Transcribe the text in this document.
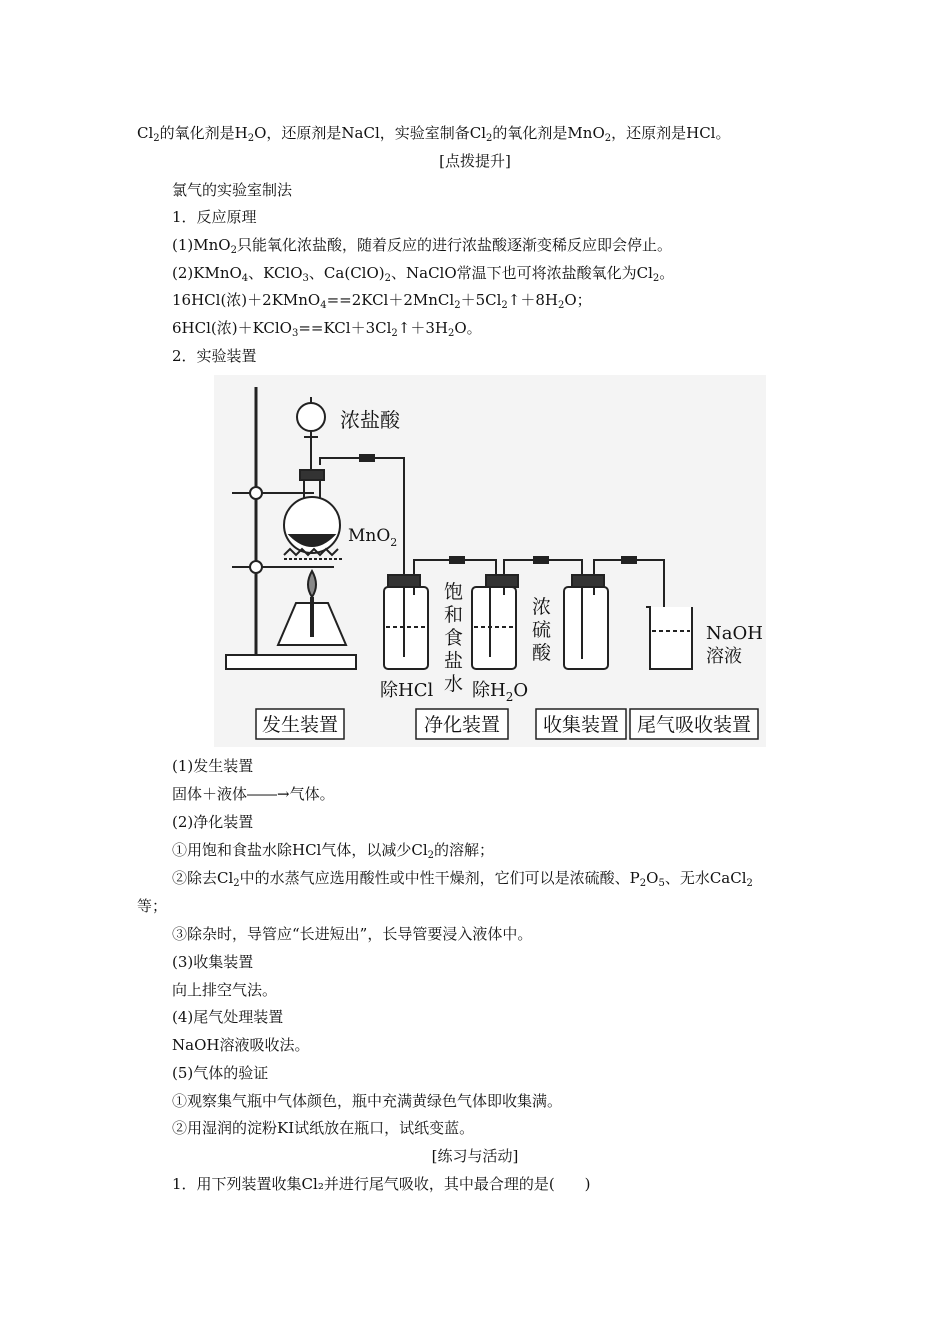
$Cl_2$的氧化剂是$H_2O$，还原剂是NaCl，实验室制备$Cl_2$的氧化剂是MnO$_2$，还原剂是HCl。
[点拨提升]
氯气的实验室制法
1．反应原理
(1)MnO$_2$只能氧化浓盐酸，随着反应的进行浓盐酸逐渐变稀反应即会停止。
(2)KMnO$_4$、KClO$_3$、$Ca(ClO)_2$、NaClO常温下也可将浓盐酸氧化为$Cl_2$。
16HCl(浓)$+2KMnO_4==2KCl+2MnCl_2+5Cl_2↑+8H_2O$；
6HCl(浓)$+KClO_3==KCl+3Cl_2↑+3H_2O$。
2．实验装置
浓盐酸
MnO$_2$
饱 和 食 盐 水
浓 硫 酸
NaOH 溶液
除HCl 除$H_2O$
发生装置	净化装置 收集装置 尾气吸收装置
(1)发生装置
固体＋液体――→气体。
(2)净化装置
①用饱和食盐水除HCl气体，以减少$Cl_2$的溶解；
②除去$Cl_2$中的水蒸气应选用酸性或中性干燥剂，它们可以是浓硫酸、$P_2O_5$、无水CaCl$_2$
等；
③除杂时，导管应“长进短出”，长导管要浸入液体中。
(3)收集装置
向上排空气法。
(4)尾气处理装置
NaOH溶液吸收法。
(5)气体的验证
①观察集气瓶中气体颜色，瓶中充满黄绿色气体即收集满。
②用湿润的淀粉KI试纸放在瓶口，试纸变蓝。
[练习与活动]
1．用下列装置收集Cl₂并进行尾气吸收，其中最合理的是(　　)
